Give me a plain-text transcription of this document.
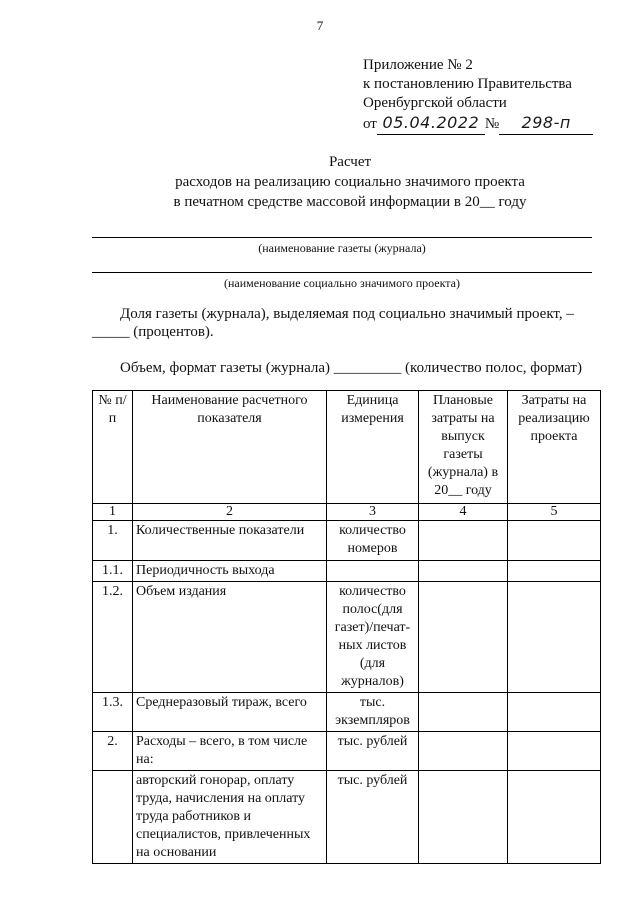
7
Приложение № 2
к постановлению Правительства
Оренбургской области
от 05.04.2022 № 298-п
Расчет
расходов на реализацию социально значимого проекта
в печатном средстве массовой информации в 20__ году
(наименование газеты (журнала)
(наименование социально значимого проекта)
Доля газеты (журнала), выделяемая под социально значимый проект, –
_____ (процентов).
Объем, формат газеты (журнала) _________ (количество полос, формат)
№ п/п	Наименование расчетного показателя	Единица измерения	Плановые затраты на выпуск газеты (журнала) в 20__ году	Затраты на реализацию проекта
1	2	3	4	5
1.	Количественные показатели	количество номеров		
1.1.	Периодичность выхода			
1.2.	Объем издания	количество полос(для газет)/печат-ных листов (для журналов)		
1.3.	Среднеразовый тираж, всего	тыс. экземпляров		
2.	Расходы – всего, в том числе на:	тыс. рублей		
	авторский гонорар, оплату труда, начисления на оплату труда работников и специалистов, привлеченных на основании	тыс. рублей		
